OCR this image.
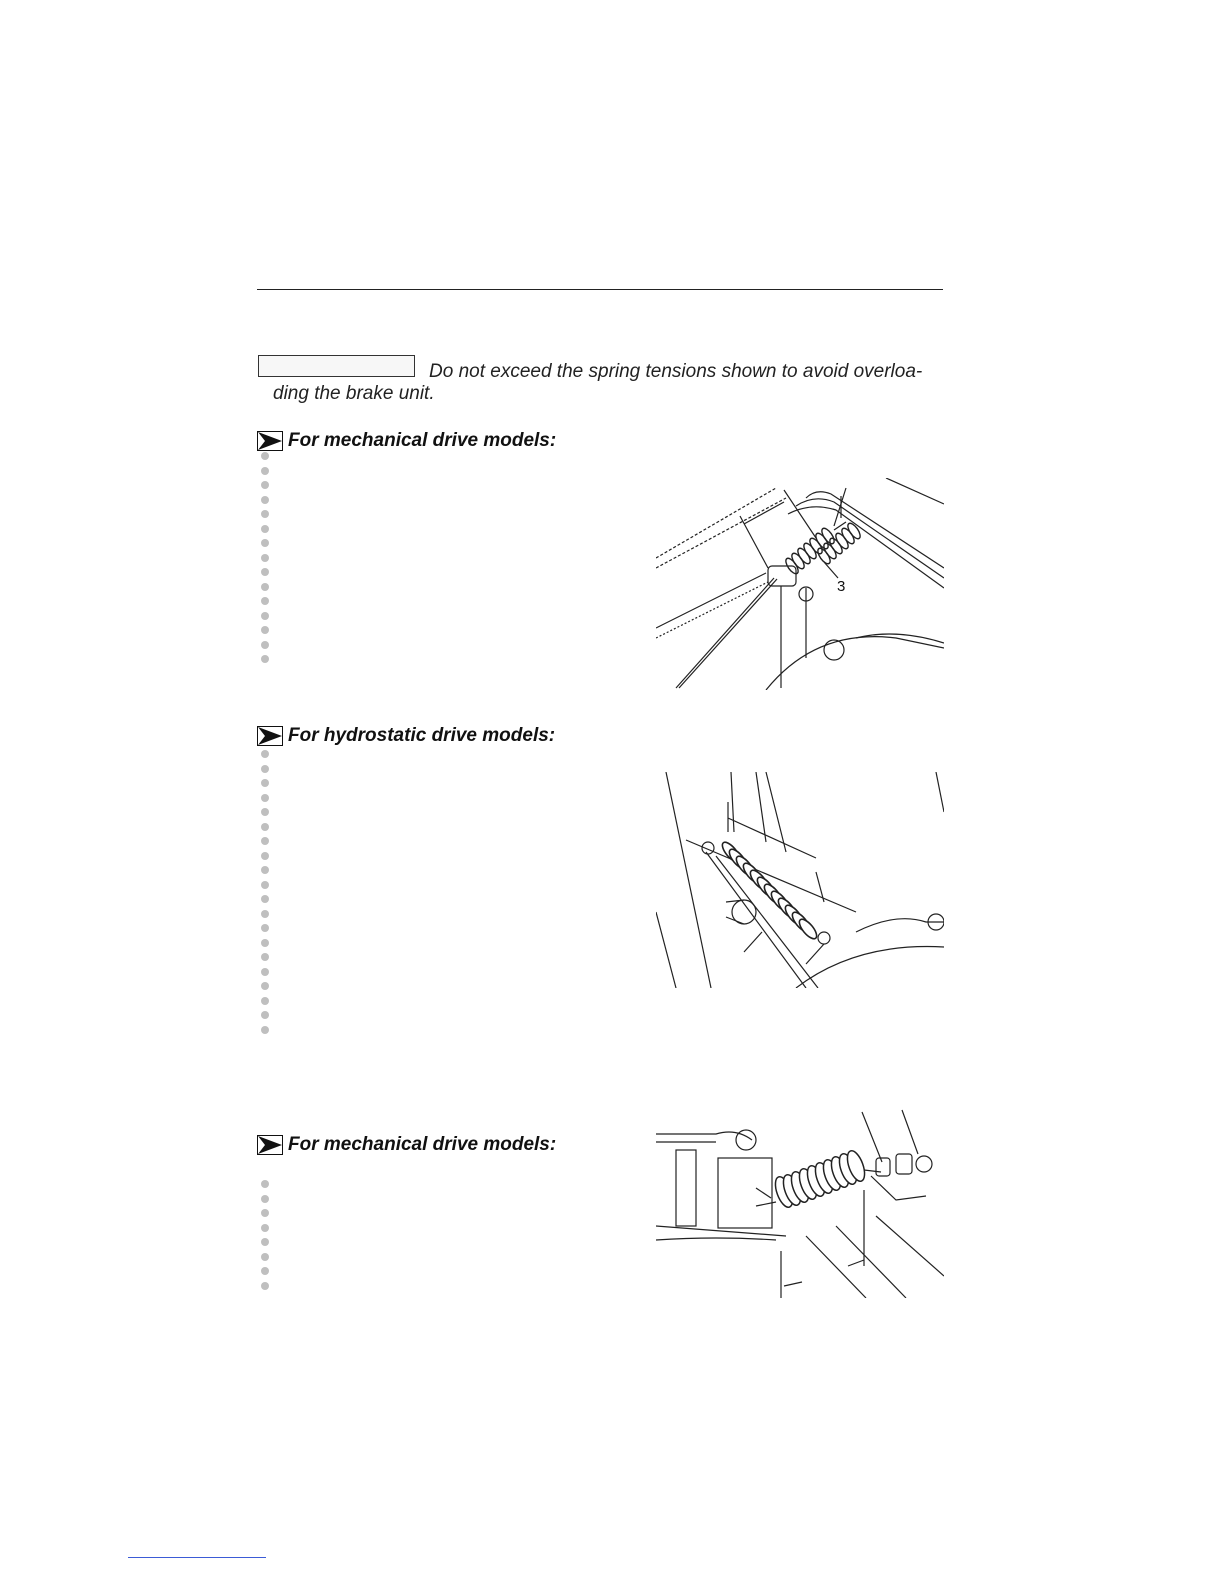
Do not exceed the spring tensions shown to avoid overloa-ding the brake unit.
For mechanical drive models:
3
For hydrostatic drive models:
For mechanical drive models:
